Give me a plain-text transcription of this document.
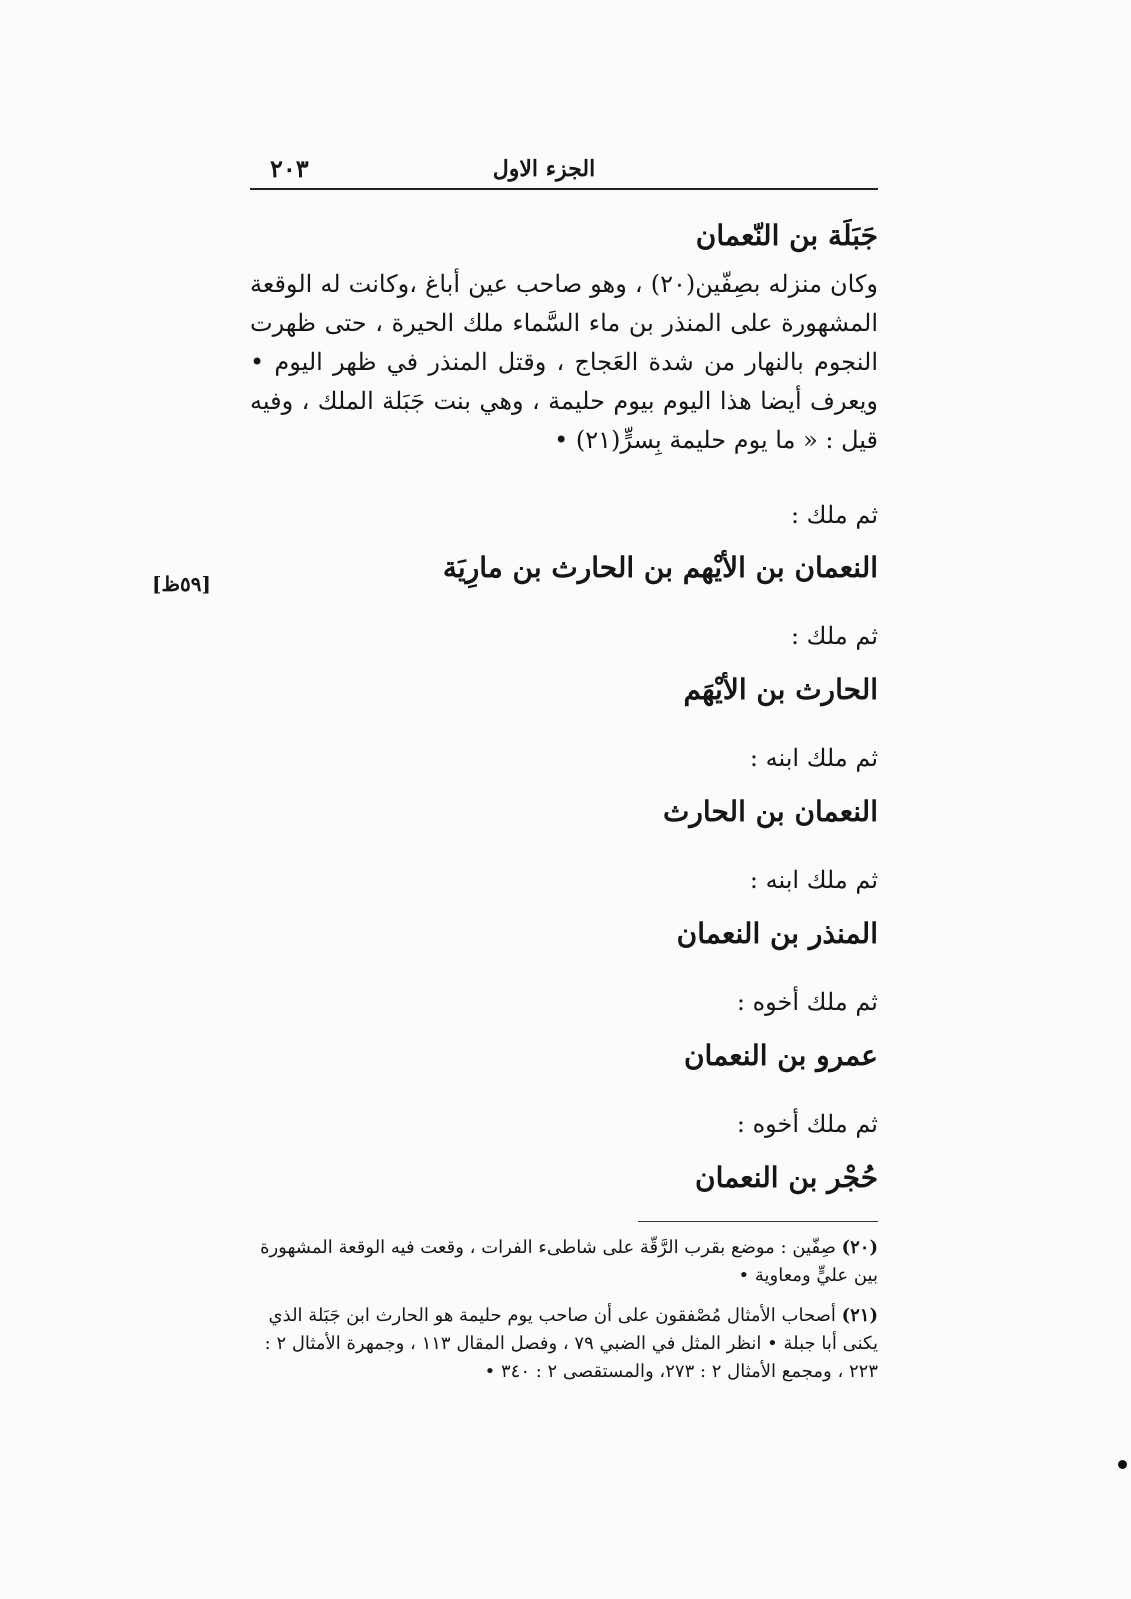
٢٠٣	الجزء الاول
جَبَلَة بن النّعمان
وكان منزله بصِفّين(٢٠) ، وهو صاحب عين أباغ ،وكانت له الوقعة المشهورة على المنذر بن ماء السَّماء ملك الحيرة ، حتى ظهرت النجوم بالنهار من شدة العَجاج ، وقتل المنذر في ظهر اليوم • ويعرف أيضا هذا اليوم بيوم حليمة ، وهي بنت جَبَلة الملك ، وفيه قيل : « ما يوم حليمة بِسرٍّ(٢١) •
[٥٩ظ]
ثم ملك :
النعمان بن الأيْهم بن الحارث بن مارِيَة
ثم ملك :
الحارث بن الأيْهَم
ثم ملك ابنه :
النعمان بن الحارث
ثم ملك ابنه :
المنذر بن النعمان
ثم ملك أخوه :
عمرو بن النعمان
ثم ملك أخوه :
حُجْر بن النعمان
(٢٠) صِفّين : موضع بقرب الرَّقّة على شاطىء الفرات ، وقعت فيه الوقعة المشهورة بين عليٍّ ومعاوية •
(٢١) أصحاب الأمثال مُصْفقون على أن صاحب يوم حليمة هو الحارث ابن جَبَلة الذي يكنى أبا جبلة • انظر المثل في الضبي ٧٩ ، وفصل المقال ١١٣ ، وجمهرة الأمثال ٢ : ٢٢٣ ، ومجمع الأمثال ٢ : ٢٧٣، والمستقصى ٢ : ٣٤٠ •
